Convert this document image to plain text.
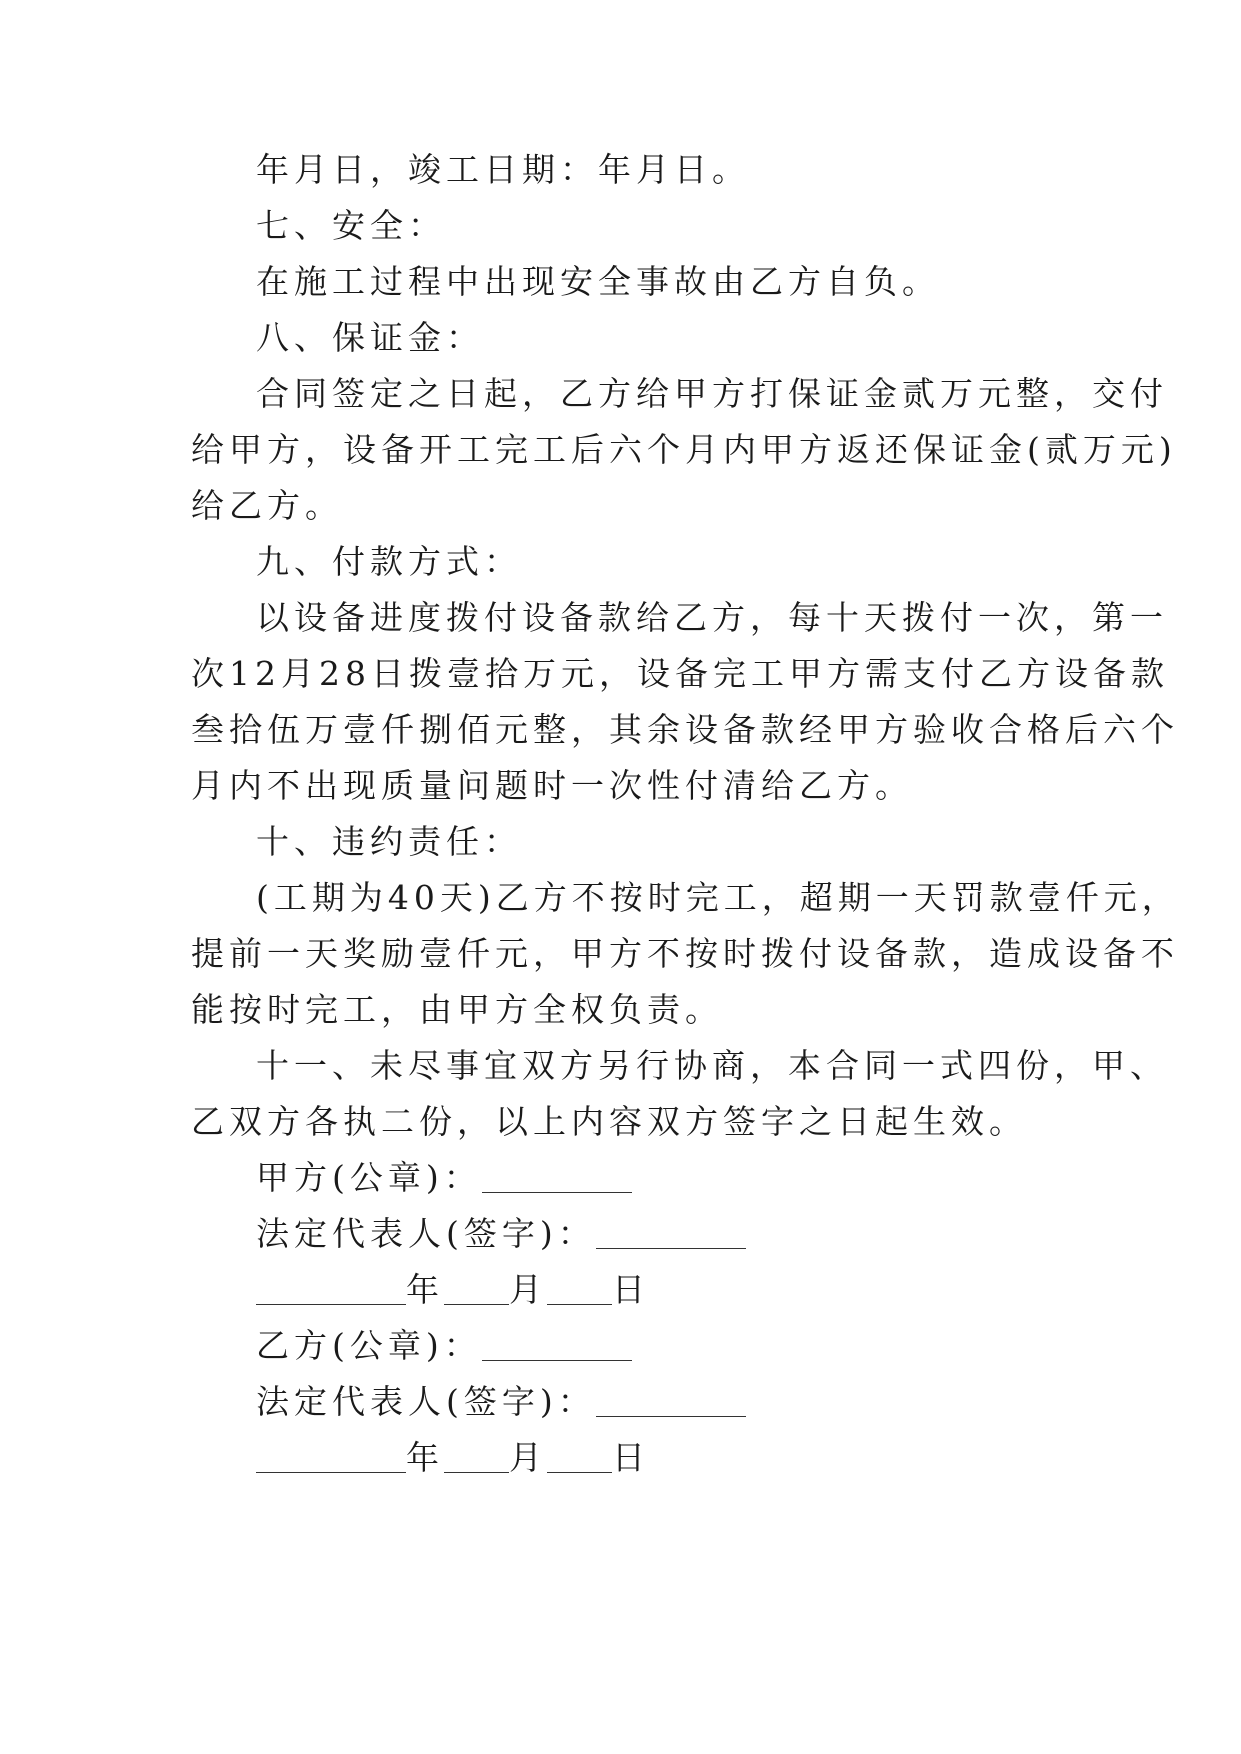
年月日，竣工日期：年月日。
七、安全：
在施工过程中出现安全事故由乙方自负。
八、保证金：
合同签定之日起，乙方给甲方打保证金贰万元整，交付
给甲方，设备开工完工后六个月内甲方返还保证金(贰万元)
给乙方。
九、付款方式：
以设备进度拨付设备款给乙方，每十天拨付一次，第一
次12月28日拨壹拾万元，设备完工甲方需支付乙方设备款
叁拾伍万壹仟捌佰元整，其余设备款经甲方验收合格后六个
月内不出现质量问题时一次性付清给乙方。
十、违约责任：
(工期为40天)乙方不按时完工，超期一天罚款壹仟元，
提前一天奖励壹仟元，甲方不按时拨付设备款，造成设备不
能按时完工，由甲方全权负责。
十一、未尽事宜双方另行协商，本合同一式四份，甲、
乙双方各执二份，以上内容双方签字之日起生效。
甲方(公章)：
法定代表人(签字)：
年 月 日
乙方(公章)：
法定代表人(签字)：
年 月 日
